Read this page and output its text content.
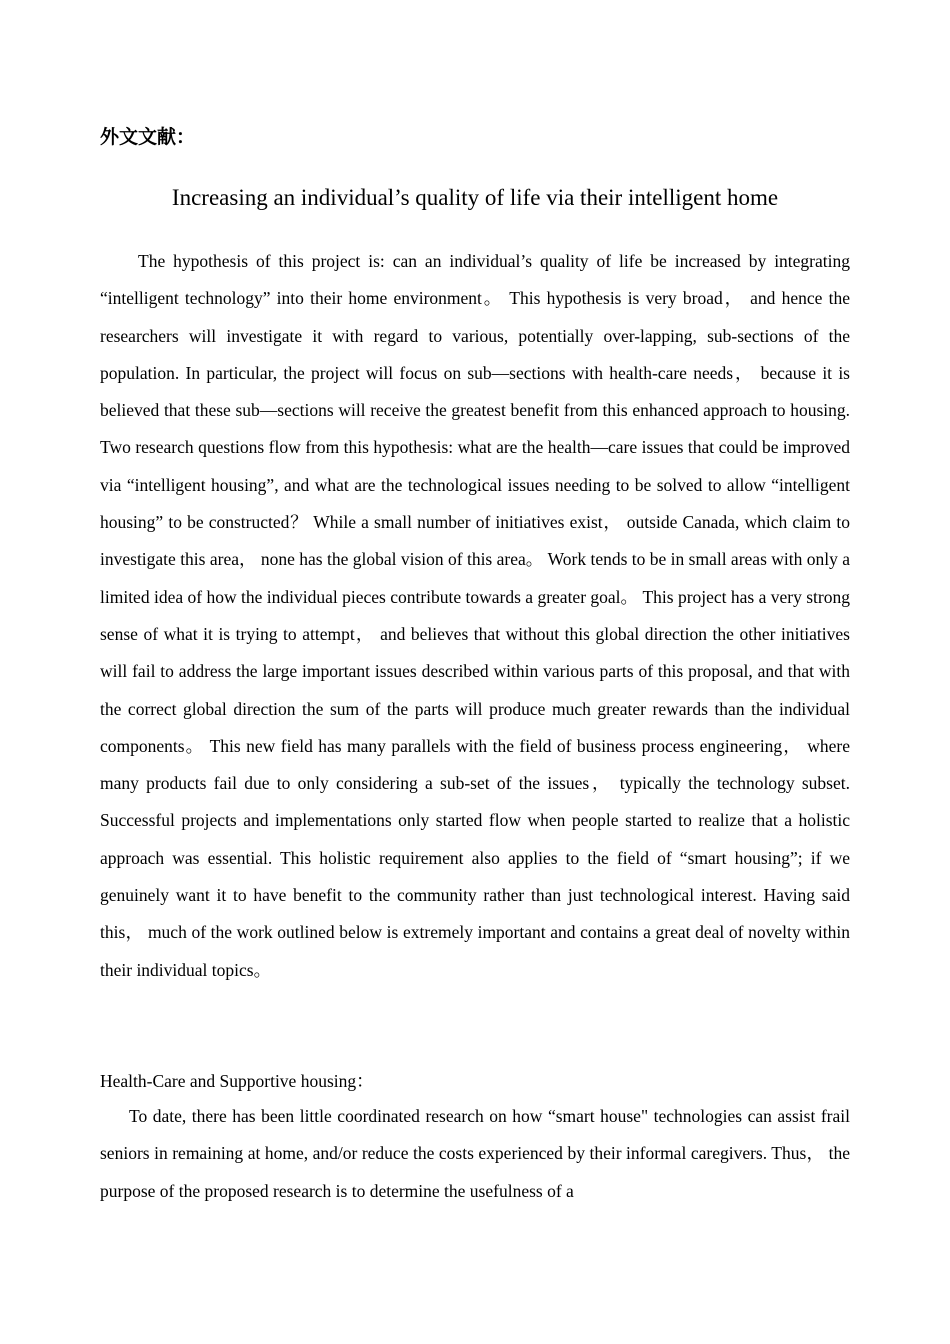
外文文献：
Increasing an individual’s quality of life via their intelligent home

The hypothesis of this project is: can an individual’s quality of life be increased by integrating “intelligent technology” into their home environment。 This hypothesis is very broad， and hence the researchers will investigate it with regard to various, potentially over-lapping, sub-sections of the population. In particular, the project will focus on sub—sections with health-care needs， because it is believed that these sub—sections will receive the greatest benefit from this enhanced approach to housing. Two research questions flow from this hypothesis: what are the health—care issues that could be improved via “intelligent housing”, and what are the technological issues needing to be solved to allow “intelligent housing” to be constructed？ While a small number of initiatives exist， outside Canada, which claim to investigate this area， none has the global vision of this area。 Work tends to be in small areas with only a limited idea of how the individual pieces contribute towards a greater goal。 This project has a very strong sense of what it is trying to attempt， and believes that without this global direction the other initiatives will fail to address the large important issues described within various parts of this proposal, and that with the correct global direction the sum of the parts will produce much greater rewards than the individual components。 This new field has many parallels with the field of business process engineering， where many products fail due to only considering a sub-set of the issues， typically the technology subset. Successful projects and implementations only started flow when people started to realize that a holistic approach was essential. This holistic requirement also applies to the field of “smart housing”; if we genuinely want it to have benefit to the community rather than just technological interest. Having said this， much of the work outlined below is extremely important and contains a great deal of novelty within their individual topics。

Health-Care and Supportive housing：

To date, there has been little coordinated research on how “smart house" technologies can assist frail seniors in remaining at home, and/or reduce the costs experienced by their informal caregivers. Thus， the purpose of the proposed research is to determine the usefulness of a
